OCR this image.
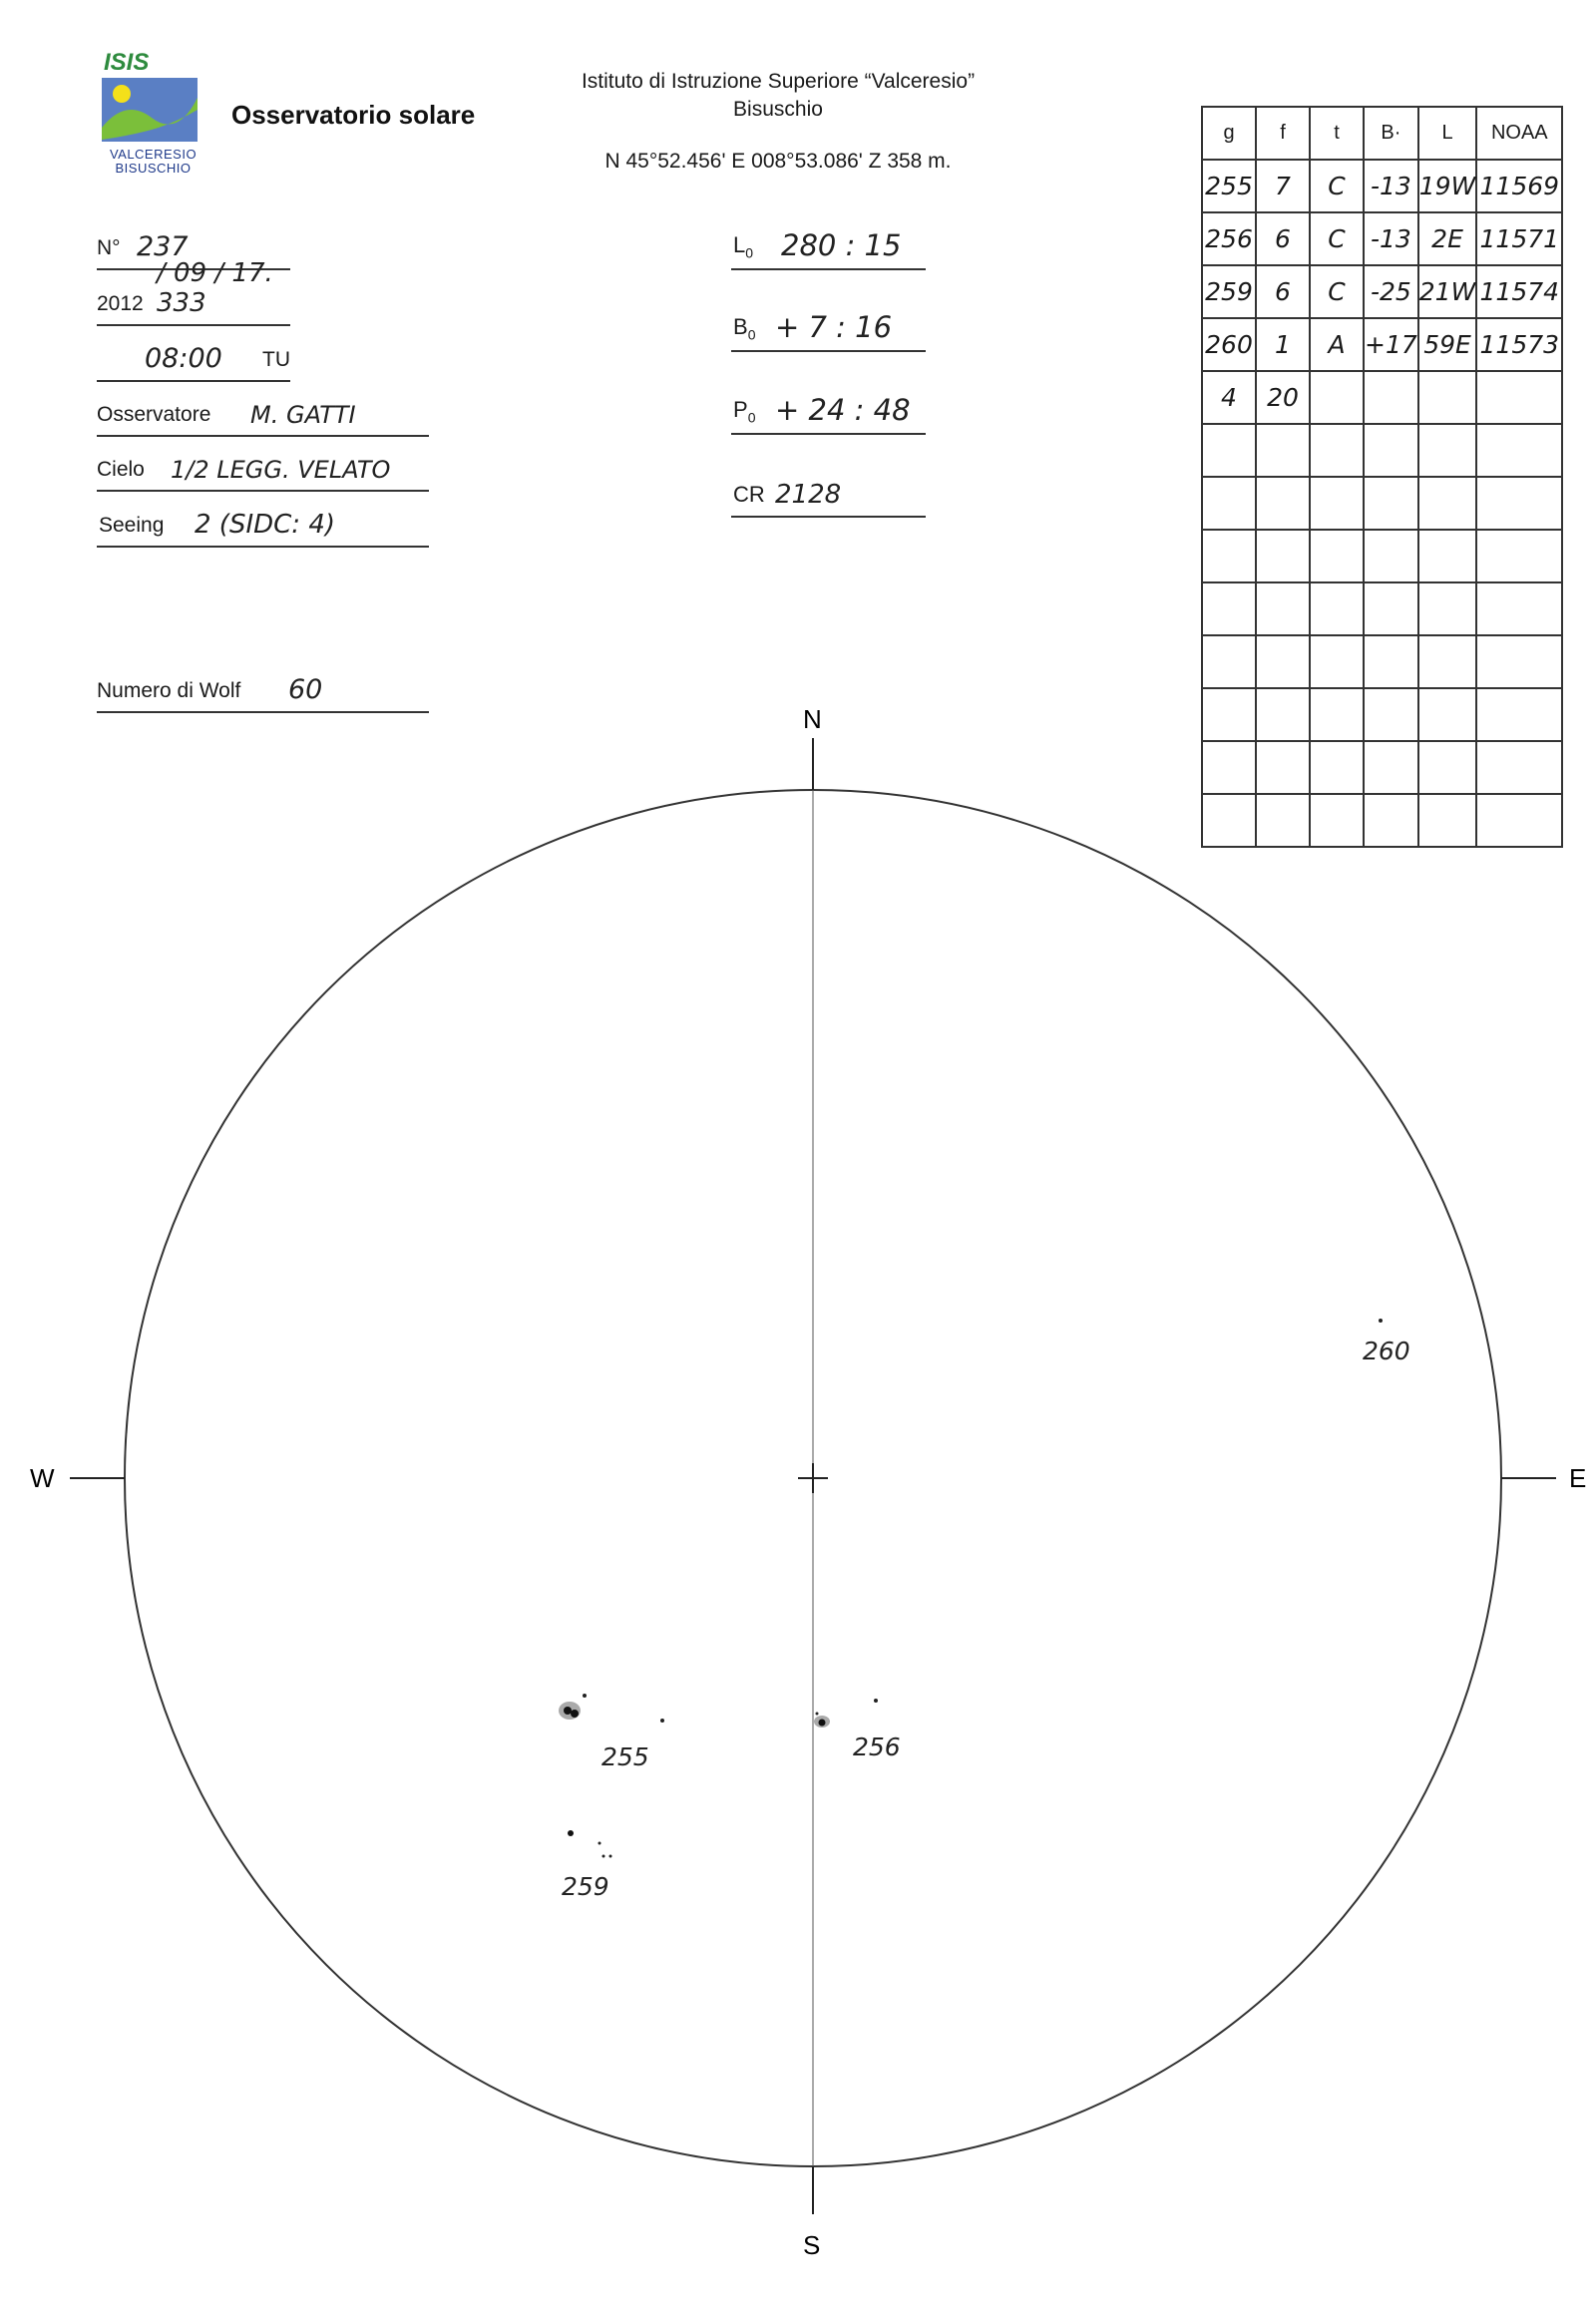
ISIS
VALCERESIO
BISUSCHIO
Osservatorio solare
Istituto di Istruzione Superiore “Valceresio”
Bisuschio
N 45°52.456' E 008°53.086' Z 358 m.
N° 237
2012
/ 09 / 17. 333
08:00 TU
Osservatore M. GATTI
Cielo 1/2 LEGG. VELATO
Seeing 2 (SIDC: 4)
Numero di Wolf 60
$L_0$ 280 : 15
$B_0 + 7$ : 16
$P_0 + 24$ : 48
CR 2128
g	f	t	B·	L	NOAA
255	7	C	-13	19W	11569
256	6	C	-13	2E	11571
259	6	C	-25	21W	11574
260	1	A	+17	59E	11573
4	20				

N
S
W	E
255	256
259
260
